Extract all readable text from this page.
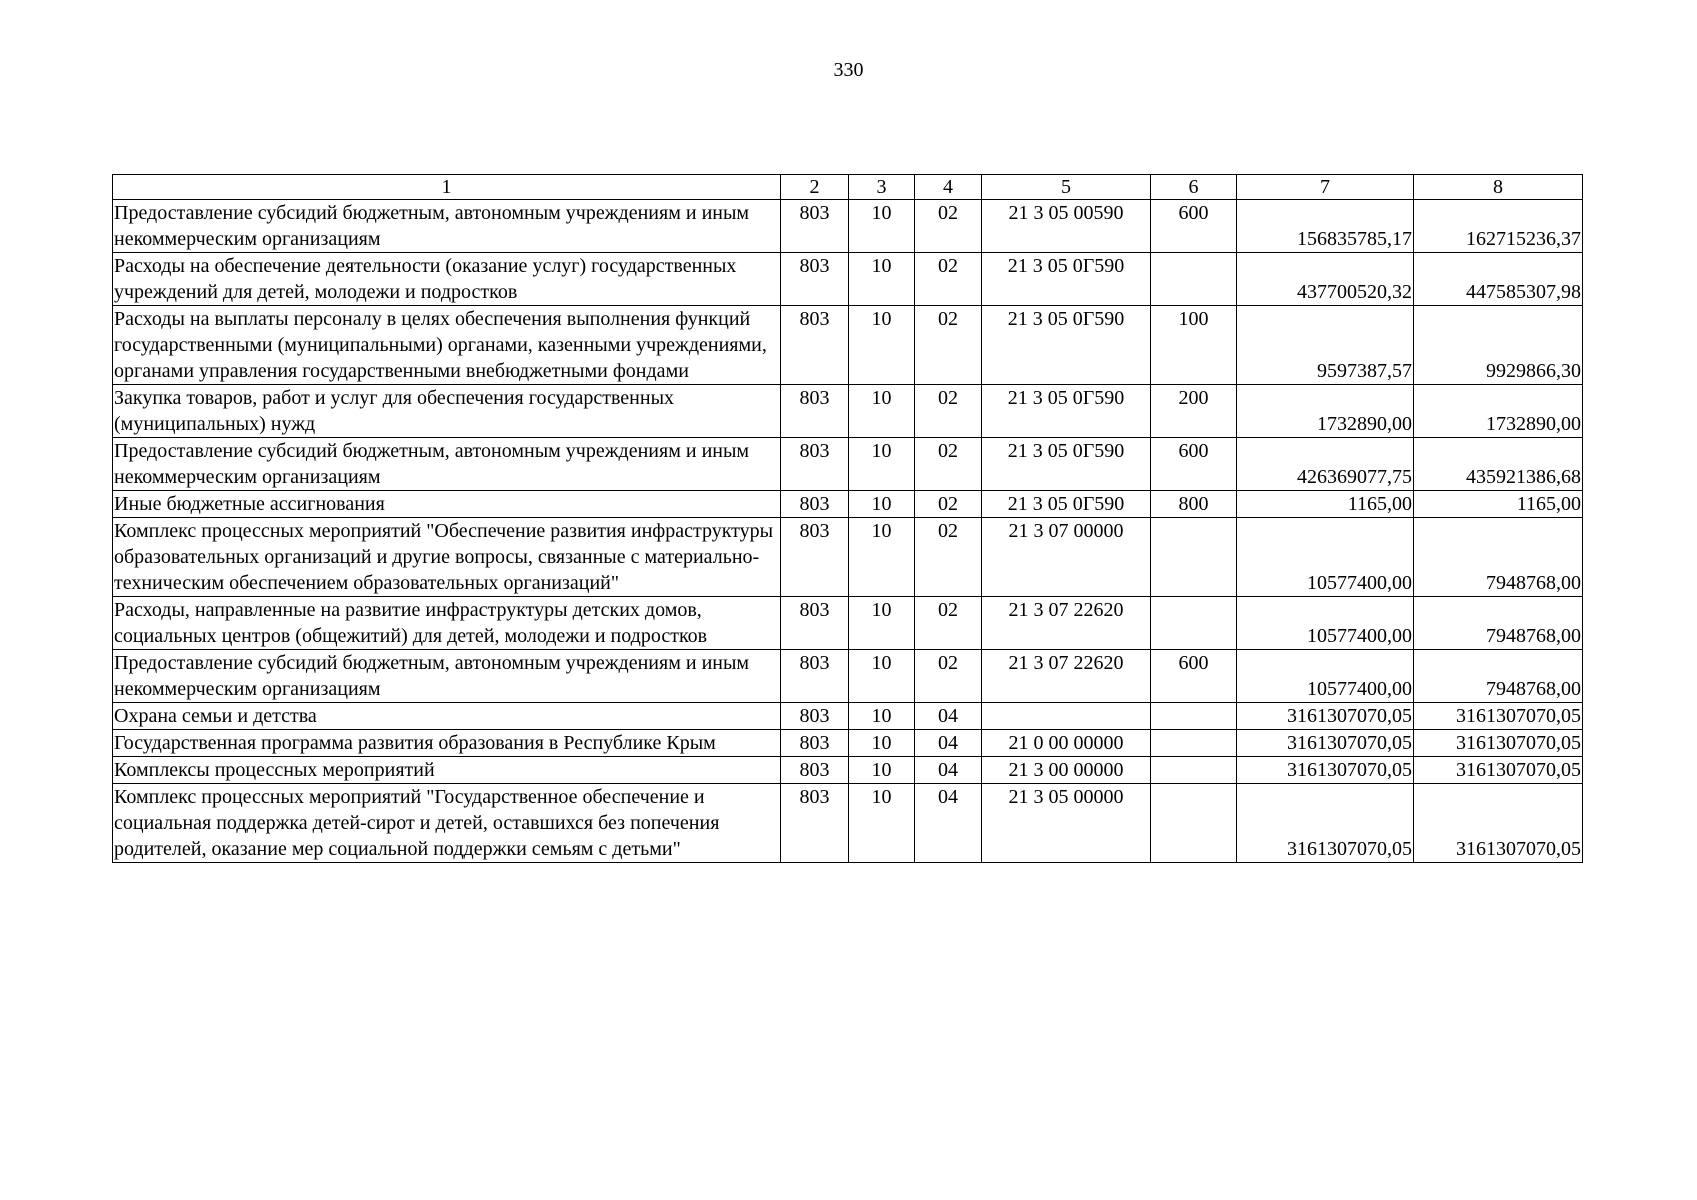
330
1	2	3	4	5	6	7	8
Предоставление субсидий бюджетным, автономным учреждениям и иным некоммерческим организациям	803	10	02	21 3 05 00590	600	156835785,17	162715236,37
Расходы на обеспечение деятельности (оказание услуг) государственных учреждений для детей, молодежи и подростков	803	10	02	21 3 05 0Г590		437700520,32	447585307,98
Расходы на выплаты персоналу в целях обеспечения выполнения функций государственными (муниципальными) органами, казенными учреждениями, органами управления государственными внебюджетными фондами	803	10	02	21 3 05 0Г590	100	9597387,57	9929866,30
Закупка товаров, работ и услуг для обеспечения государственных (муниципальных) нужд	803	10	02	21 3 05 0Г590	200	1732890,00	1732890,00
Предоставление субсидий бюджетным, автономным учреждениям и иным некоммерческим организациям	803	10	02	21 3 05 0Г590	600	426369077,75	435921386,68
Иные бюджетные ассигнования	803	10	02	21 3 05 0Г590	800	1165,00	1165,00
Комплекс процессных мероприятий "Обеспечение развития инфраструктуры образовательных организаций и другие вопросы, связанные с материально-техническим обеспечением образовательных организаций"	803	10	02	21 3 07 00000		10577400,00	7948768,00
Расходы, направленные на развитие инфраструктуры детских домов, социальных центров (общежитий) для детей, молодежи и подростков	803	10	02	21 3 07 22620		10577400,00	7948768,00
Предоставление субсидий бюджетным, автономным учреждениям и иным некоммерческим организациям	803	10	02	21 3 07 22620	600	10577400,00	7948768,00
Охрана семьи и детства	803	10	04			3161307070,05	3161307070,05
Государственная программа развития образования в Республике Крым	803	10	04	21 0 00 00000		3161307070,05	3161307070,05
Комплексы процессных мероприятий	803	10	04	21 3 00 00000		3161307070,05	3161307070,05
Комплекс процессных мероприятий "Государственное обеспечение и социальная поддержка детей-сирот и детей, оставшихся без попечения родителей, оказание мер социальной поддержки семьям с детьми"	803	10	04	21 3 05 00000		3161307070,05	3161307070,05
